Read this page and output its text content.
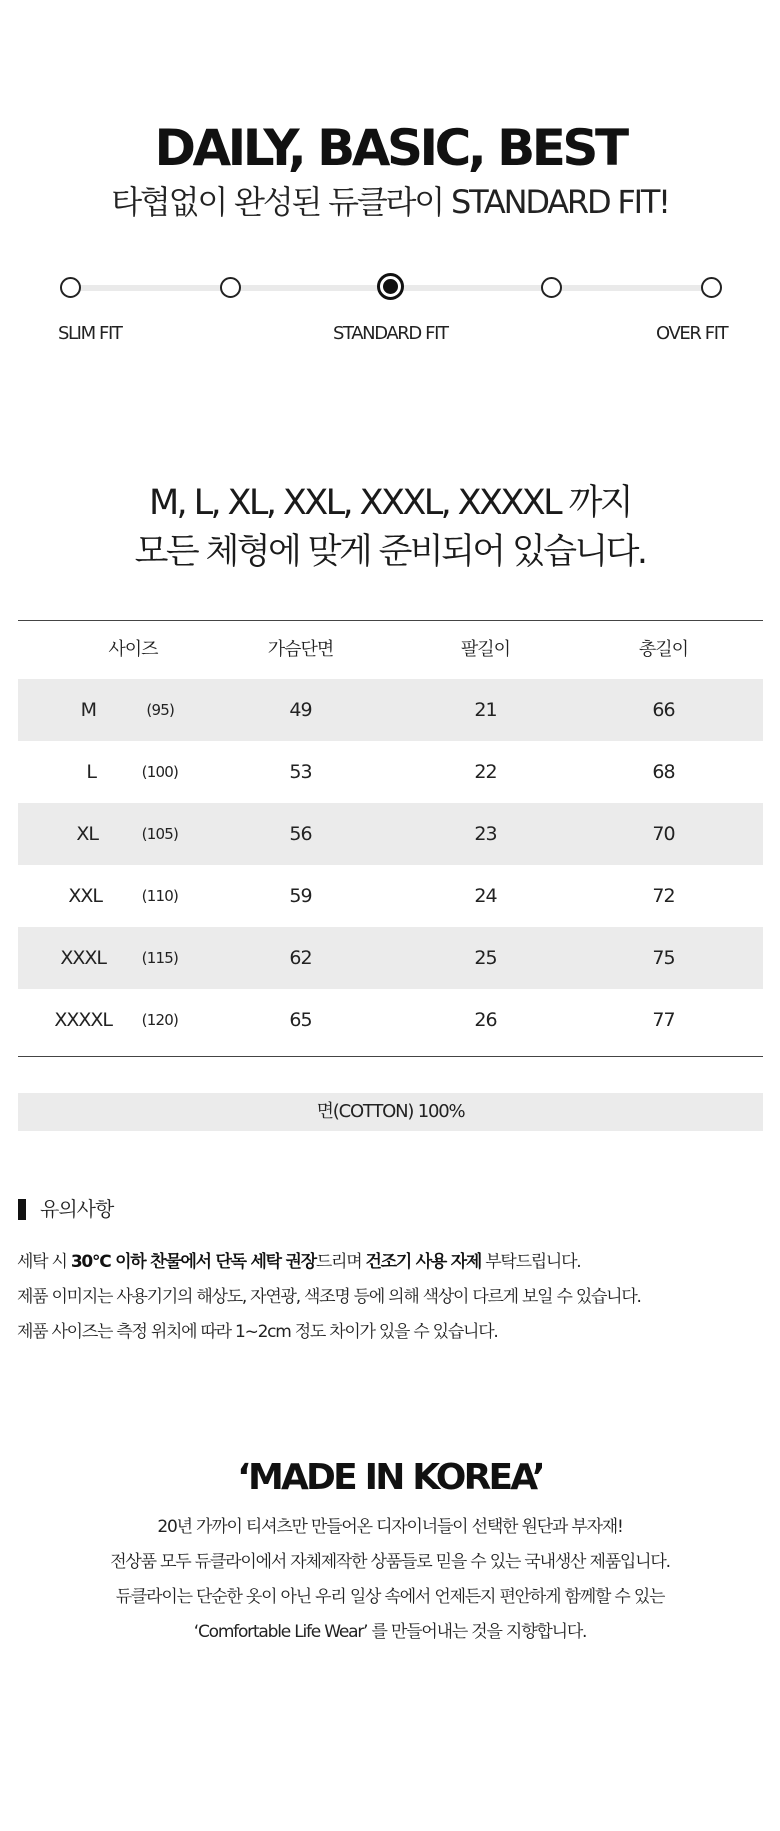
DAILY, BASIC, BEST
타협없이 완성된 듀클라이 STANDARD FIT!
SLIM FIT	STANDARD FIT	OVER FIT
M, L, XL, XXL, XXXL, XXXXL 까지
모든 체형에 맞게 준비되어 있습니다.
사이즈	가슴단면	팔길이	총길이
M	(95)	49	21	66
L	(100)	53	22	68
XL	(105)	56	23	70
XXL	(110)	59	24	72
XXXL	(115)	62	25	75
XXXXL	(120)	65	26	77
면(COTTON) 100%
유의사항
세탁 시 30°C 이하 찬물에서 단독 세탁 권장드리며 건조기 사용 자제 부탁드립니다.
제품 이미지는 사용기기의 해상도, 자연광, 색조명 등에 의해 색상이 다르게 보일 수 있습니다.
제품 사이즈는 측정 위치에 따라 1~2cm 정도 차이가 있을 수 있습니다.
‘MADE IN KOREA’
20년 가까이 티셔츠만 만들어온 디자이너들이 선택한 원단과 부자재!
전상품 모두 듀클라이에서 자체제작한 상품들로 믿을 수 있는 국내생산 제품입니다.
듀클라이는 단순한 옷이 아닌 우리 일상 속에서 언제든지 편안하게 함께할 수 있는
‘Comfortable Life Wear’ 를 만들어내는 것을 지향합니다.
